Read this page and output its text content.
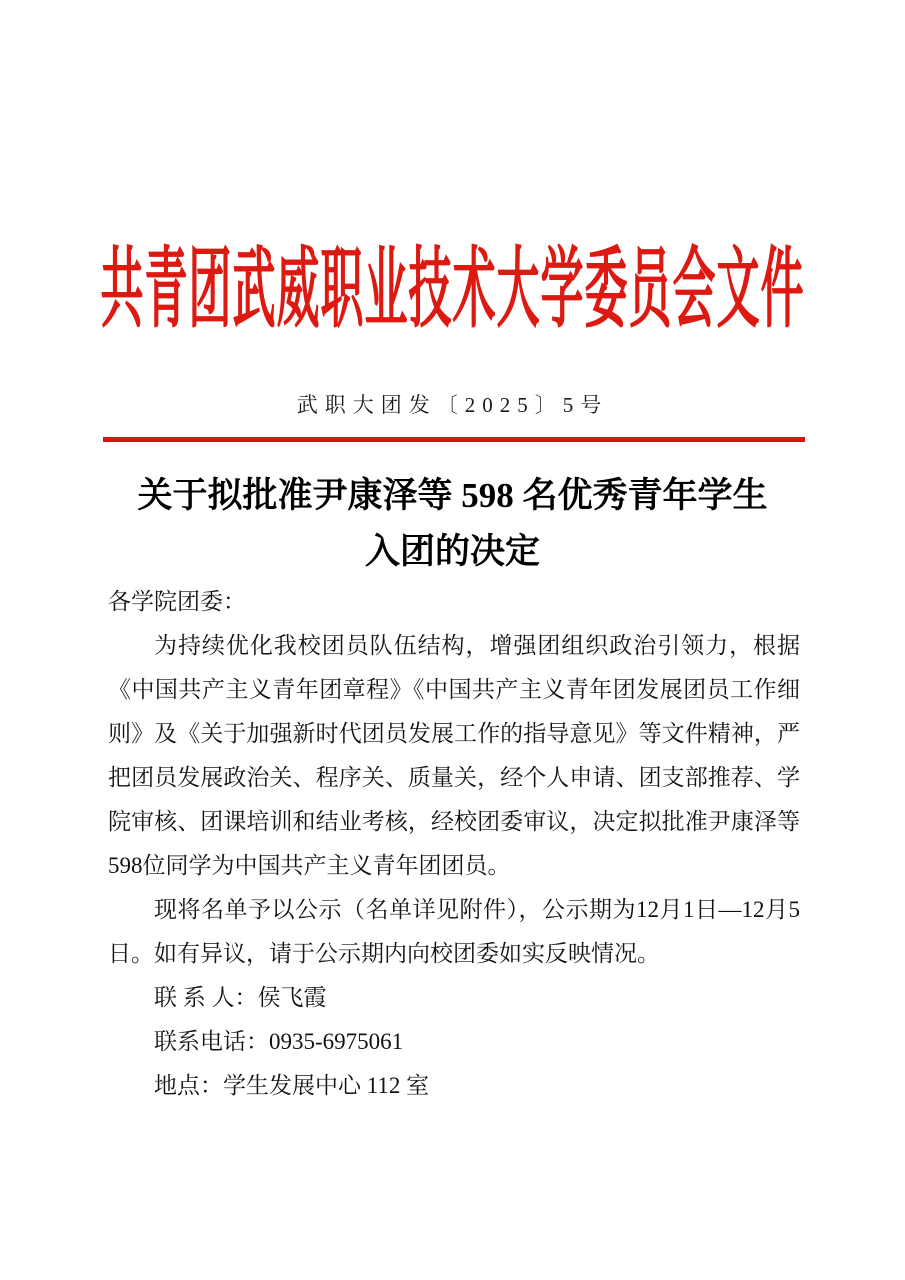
共青团武威职业技术大学委员会文件
武职大团发〔2025〕5号
关于拟批准尹康泽等 598 名优秀青年学生
入团的决定

各学院团委：

为持续优化我校团员队伍结构，增强团组织政治引领力，根据《中国共产主义青年团章程》《中国共产主义青年团发展团员工作细则》及《关于加强新时代团员发展工作的指导意见》等文件精神，严把团员发展政治关、程序关、质量关，经个人申请、团支部推荐、学院审核、团课培训和结业考核，经校团委审议，决定拟批准尹康泽等598位同学为中国共产主义青年团团员。

现将名单予以公示（名单详见附件），公示期为12月1日—12月5日。如有异议，请于公示期内向校团委如实反映情况。

联 系 人：侯飞霞

联系电话：0935-6975061

地点：学生发展中心 112 室
